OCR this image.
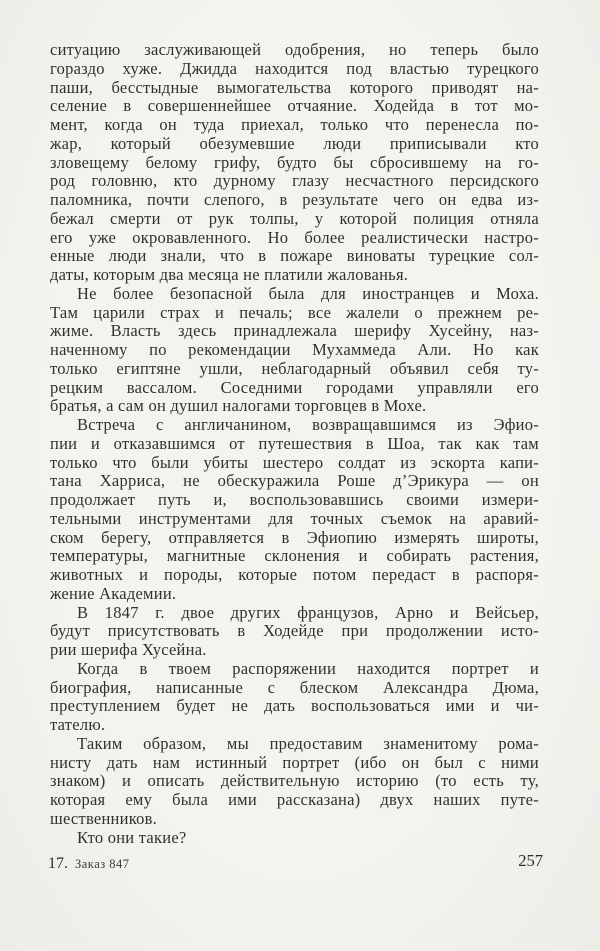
ситуацию заслуживающей одобрения, но теперь было
гораздо хуже. Джидда находится под властью турецкого
паши, бесстыдные вымогательства которого приводят на-
селение в совершеннейшее отчаяние. Ходейда в тот мо-
мент, когда он туда приехал, только что перенесла по-
жар, который обезумевшие люди приписывали кто
зловещему белому грифу, будто бы сбросившему на го-
род головню, кто дурному глазу несчастного персидского
паломника, почти слепого, в результате чего он едва из-
бежал смерти от рук толпы, у которой полиция отняла
его уже окровавленного. Но более реалистически настро-
енные люди знали, что в пожаре виноваты турецкие сол-
даты, которым два месяца не платили жалованья.
Не более безопасной была для иностранцев и Моха.
Там царили страх и печаль; все жалели о прежнем ре-
жиме. Власть здесь принадлежала шерифу Хусейну, наз-
наченному по рекомендации Мухаммеда Али. Но как
только египтяне ушли, неблагодарный объявил себя ту-
рецким вассалом. Соседними городами управляли его
братья, а сам он душил налогами торговцев в Мохе.
Встреча с англичанином, возвращавшимся из Эфио-
пии и отказавшимся от путешествия в Шоа, так как там
только что были убиты шестеро солдат из эскорта капи-
тана Харриса, не обескуражила Роше д’Эрикура — он
продолжает путь и, воспользовавшись своими измери-
тельными инструментами для точных съемок на аравий-
ском берегу, отправляется в Эфиопию измерять широты,
температуры, магнитные склонения и собирать растения,
животных и породы, которые потом передаст в распоря-
жение Академии.
В 1847 г. двое других французов, Арно и Вейсьер,
будут присутствовать в Ходейде при продолжении исто-
рии шерифа Хусейна.
Когда в твоем распоряжении находится портрет и
биография, написанные с блеском Александра Дюма,
преступлением будет не дать воспользоваться ими и чи-
тателю.
Таким образом, мы предоставим знаменитому рома-
нисту дать нам истинный портрет (ибо он был с ними
знаком) и описать действительную историю (то есть ту,
которая ему была ими рассказана) двух наших путе-
шественников.
Кто они такие?
17. Заказ 847	257
